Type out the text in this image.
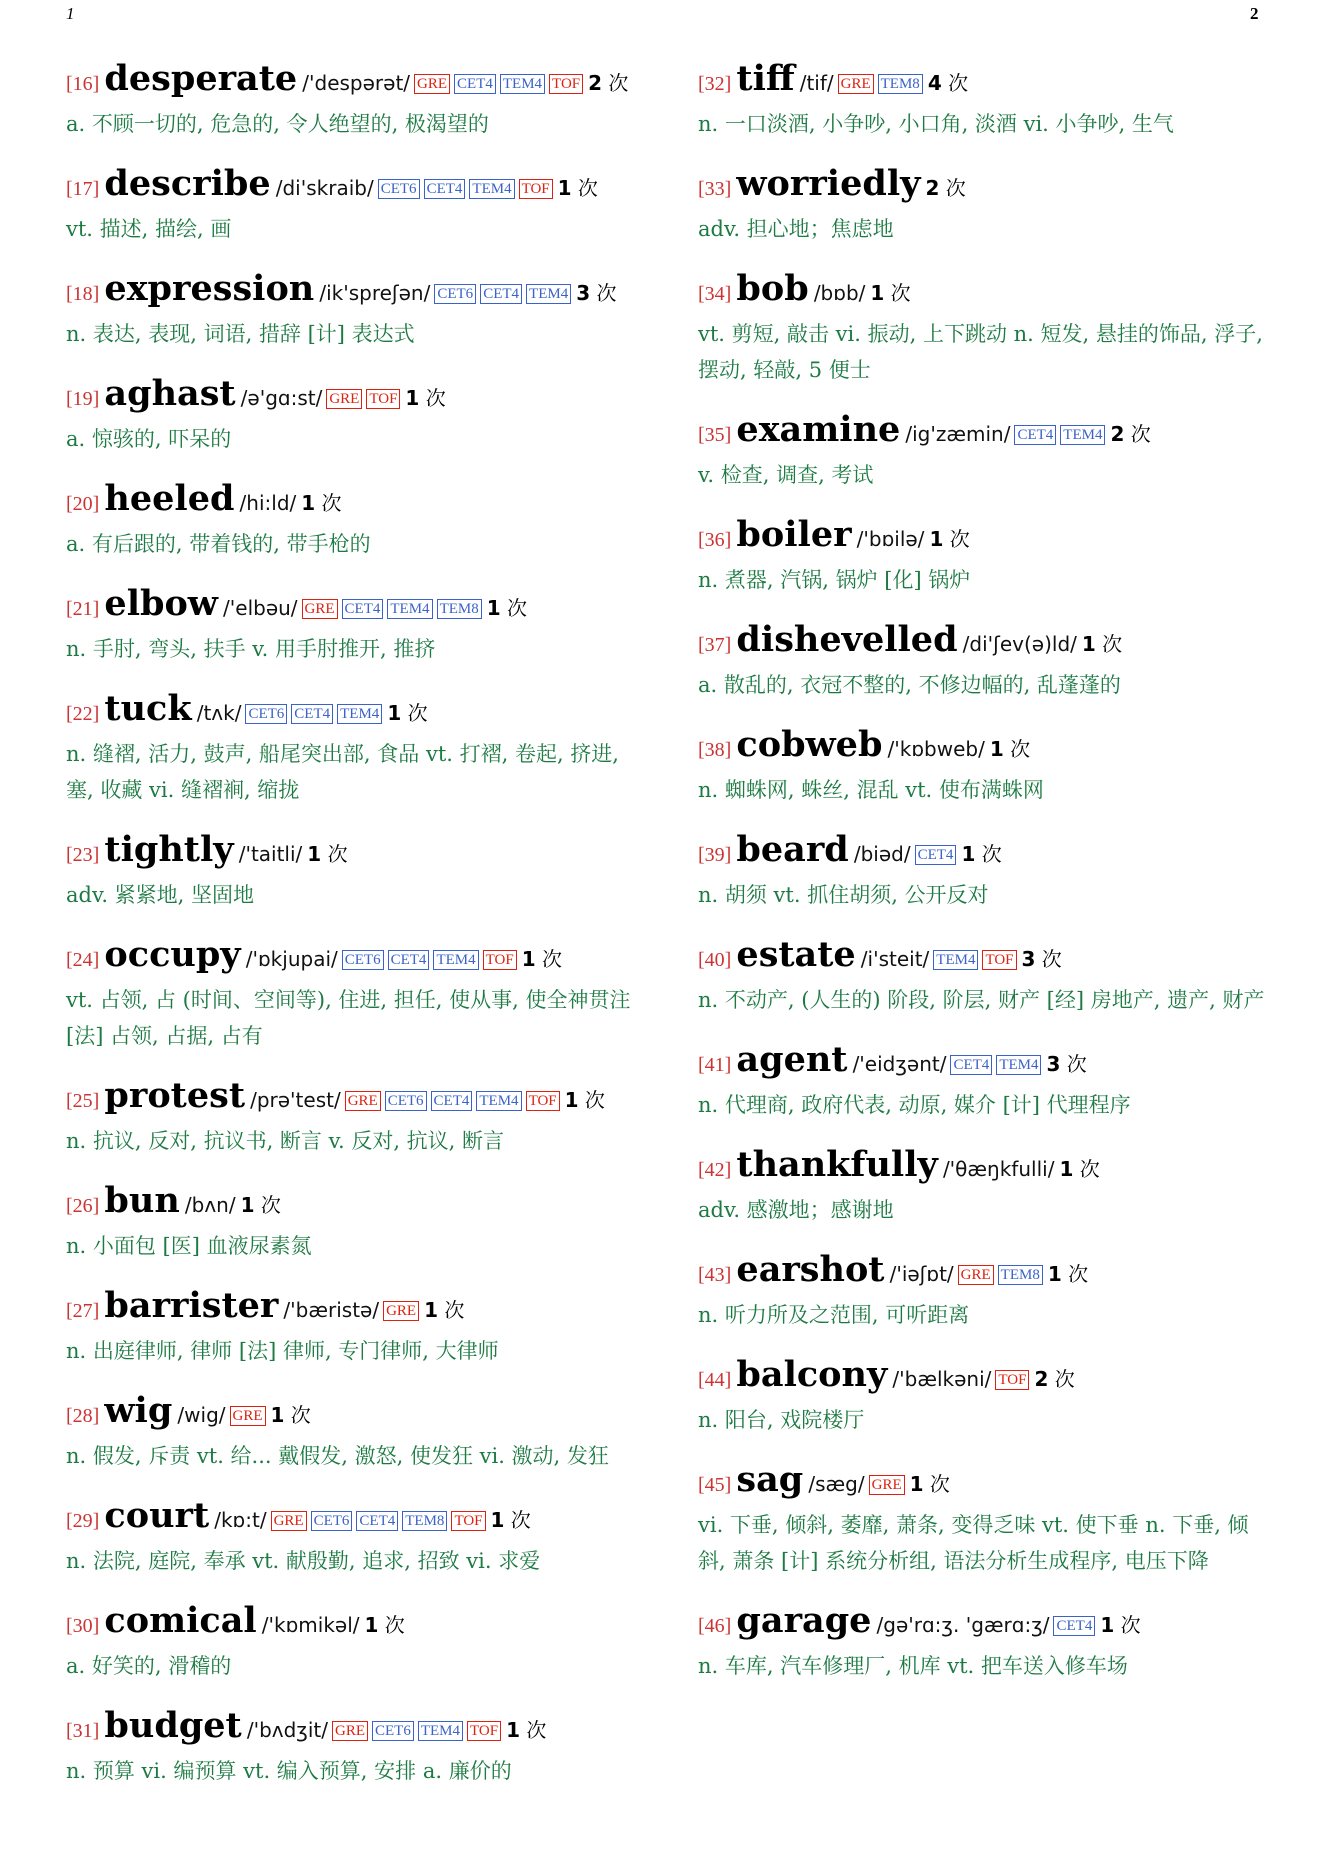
1	2
[16] desperate /'despərət/ GRE CET4 TEM4 TOF 2 次
a. 不顾一切的, 危急的, 令人绝望的, 极渴望的
[17] describe /di'skraib/ CET6 CET4 TEM4 TOF 1 次
vt. 描述, 描绘, 画
[18] expression /ik'spreʃən/ CET6 CET4 TEM4 3 次
n. 表达, 表现, 词语, 措辞 [计] 表达式
[19] aghast /ə'gɑ:st/ GRE TOF 1 次
a. 惊骇的, 吓呆的
[20] heeled /hi:ld/ 1 次
a. 有后跟的, 带着钱的, 带手枪的
[21] elbow /'elbəu/ GRE CET4 TEM4 TEM8 1 次
n. 手肘, 弯头, 扶手 v. 用手肘推开, 推挤
[22] tuck /tʌk/ CET6 CET4 TEM4 1 次
n. 缝褶, 活力, 鼓声, 船尾突出部, 食品 vt. 打褶, 卷起, 挤进, 塞, 收藏 vi. 缝褶裥, 缩拢
[23] tightly /'taitli/ 1 次
adv. 紧紧地, 坚固地
[24] occupy /'ɒkjupai/ CET6 CET4 TEM4 TOF 1 次
vt. 占领, 占 (时间、空间等), 住进, 担任, 使从事, 使全神贯注 [法] 占领, 占据, 占有
[25] protest /prə'test/ GRE CET6 CET4 TEM4 TOF 1 次
n. 抗议, 反对, 抗议书, 断言 v. 反对, 抗议, 断言
[26] bun /bʌn/ 1 次
n. 小面包 [医] 血液尿素氮
[27] barrister /'bæristə/ GRE 1 次
n. 出庭律师, 律师 [法] 律师, 专门律师, 大律师
[28] wig /wig/ GRE 1 次
n. 假发, 斥责 vt. 给... 戴假发, 激怒, 使发狂 vi. 激动, 发狂
[29] court /kɒ:t/ GRE CET6 CET4 TEM8 TOF 1 次
n. 法院, 庭院, 奉承 vt. 献殷勤, 追求, 招致 vi. 求爱
[30] comical /'kɒmikəl/ 1 次
a. 好笑的, 滑稽的
[31] budget /'bʌdʒit/ GRE CET6 TEM4 TOF 1 次
n. 预算 vi. 编预算 vt. 编入预算, 安排 a. 廉价的
[32] tiff /tif/ GRE TEM8 4 次
n. 一口淡酒, 小争吵, 小口角, 淡酒 vi. 小争吵, 生气
[33] worriedly 2 次
adv. 担心地；焦虑地
[34] bob /bɒb/ 1 次
vt. 剪短, 敲击 vi. 振动, 上下跳动 n. 短发, 悬挂的饰品, 浮子, 摆动, 轻敲, 5 便士
[35] examine /ig'zæmin/ CET4 TEM4 2 次
v. 检查, 调查, 考试
[36] boiler /'bɒilə/ 1 次
n. 煮器, 汽锅, 锅炉 [化] 锅炉
[37] dishevelled /di'ʃev(ə)ld/ 1 次
a. 散乱的, 衣冠不整的, 不修边幅的, 乱蓬蓬的
[38] cobweb /'kɒbweb/ 1 次
n. 蜘蛛网, 蛛丝, 混乱 vt. 使布满蛛网
[39] beard /biəd/ CET4 1 次
n. 胡须 vt. 抓住胡须, 公开反对
[40] estate /i'steit/ TEM4 TOF 3 次
n. 不动产, (人生的) 阶段, 阶层, 财产 [经] 房地产, 遗产, 财产
[41] agent /'eidʒənt/ CET4 TEM4 3 次
n. 代理商, 政府代表, 动原, 媒介 [计] 代理程序
[42] thankfully /'θæŋkfulli/ 1 次
adv. 感激地；感谢地
[43] earshot /'iəʃɒt/ GRE TEM8 1 次
n. 听力所及之范围, 可听距离
[44] balcony /'bælkəni/ TOF 2 次
n. 阳台, 戏院楼厅
[45] sag /sæg/ GRE 1 次
vi. 下垂, 倾斜, 萎靡, 萧条, 变得乏味 vt. 使下垂 n. 下垂, 倾斜, 萧条 [计] 系统分析组, 语法分析生成程序, 电压下降
[46] garage /gə'rɑ:ʒ. 'gærɑ:ʒ/ CET4 1 次
n. 车库, 汽车修理厂, 机库 vt. 把车送入修车场
